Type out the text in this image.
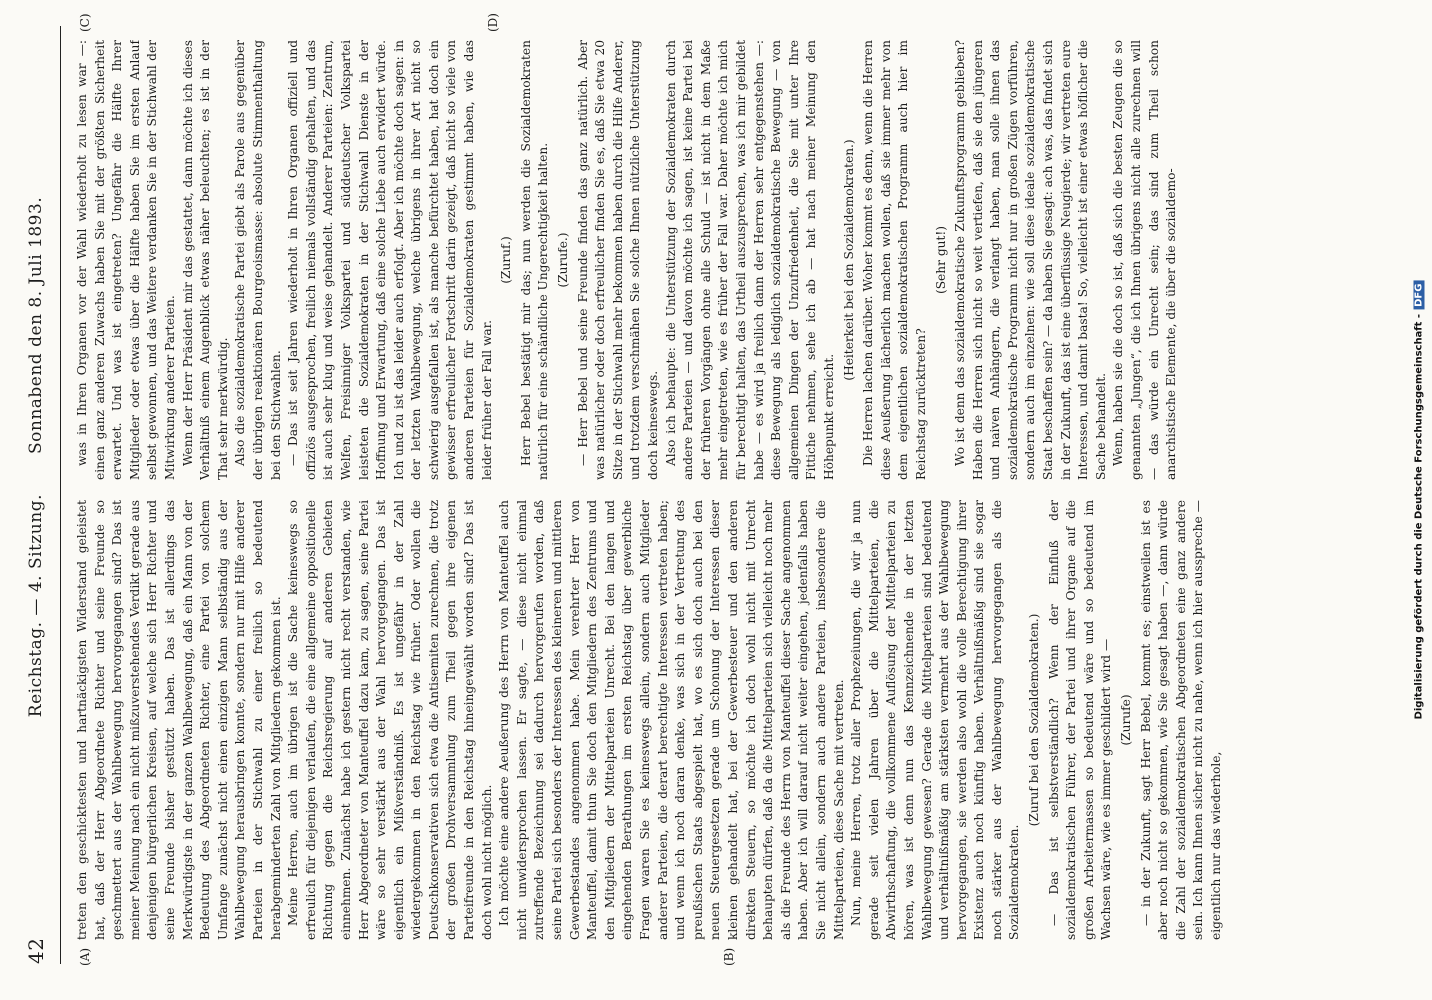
42
Reichstag. — 4. Sitzung.
Sonnabend den 8. Juli 1893.
(A)	(B)
(C)	(D)

treten den geschicktesten und hartnäckigsten Widerstand geleistet hat, daß der Herr Abgeordnete Richter und seine Freunde so geschmettert aus der Wahlbewegung hervorgegangen sind? Das ist meiner Meinung nach ein nicht mißzuverstehendes Verdikt gerade aus denjenigen bürgerlichen Kreisen, auf welche sich Herr Richter und seine Freunde bisher gestützt haben. Das ist allerdings das Merkwürdigste in der ganzen Wahlbewegung, daß ein Mann von der Bedeutung des Abgeordneten Richter, eine Partei von solchem Umfange zunächst nicht einen einzigen Mann selbständig aus der Wahlbewegung herausbringen konnte, sondern nur mit Hilfe anderer Parteien in der Stichwahl zu einer freilich so bedeutend herabgeminderten Zahl von Mitgliedern gekommen ist. Meine Herren, auch im übrigen ist die Sache keineswegs so erfreulich für diejenigen verlaufen, die eine allgemeine oppositionelle Richtung gegen die Reichsregierung auf anderen Gebieten einnehmen. Zunächst habe ich gestern nicht recht verstanden, wie Herr Abgeordneter von Manteuffel dazu kam, zu sagen, seine Partei wäre so sehr verstärkt aus der Wahl hervorgegangen. Das ist eigentlich ein Mißverständniß. Es ist ungefähr in der Zahl wiedergekommen in den Reichstag wie früher. Oder wollen die Deutschkonservativen sich etwa die Antisemiten zurechnen, die trotz der großen Drohversammlung zum Theil gegen ihre eigenen Parteifreunde in den Reichstag hineingewählt worden sind? Das ist doch wohl nicht möglich. Ich möchte eine andere Aeußerung des Herrn von Manteuffel auch nicht unwidersprochen lassen. Er sagte, — diese nicht einmal zutreffende Bezeichnung sei dadurch hervorgerufen worden, daß seine Partei sich besonders der Interessen des kleineren und mittleren Gewerbestandes angenommen habe. Mein verehrter Herr von Manteuffel, damit thun Sie doch den Mitgliedern des Zentrums und den Mitgliedern der Mittelparteien Unrecht. Bei den langen und eingehenden Berathungen im ersten Reichstag über gewerbliche Fragen waren Sie es keineswegs allein, sondern auch Mitglieder anderer Parteien, die derart berechtigte Interessen vertreten haben; und wenn ich noch daran denke, was sich in der Vertretung des preußischen Staats abgespielt hat, wo es sich doch auch bei den neuen Steuergesetzen gerade um Schonung der Interessen dieser kleinen gehandelt hat, bei der Gewerbesteuer und den anderen direkten Steuern, so möchte ich doch wohl nicht mit Unrecht behaupten dürfen, daß da die Mittelparteien sich vielleicht noch mehr als die Freunde des Herrn von Manteuffel dieser Sache angenommen haben. Aber ich will darauf nicht weiter eingehen, jedenfalls haben Sie nicht allein, sondern auch andere Parteien, insbesondere die Mittelparteien, diese Sache mit vertreten. Nun, meine Herren, trotz aller Prophezeiungen, die wir ja nun gerade seit vielen Jahren über die Mittelparteien, die Abwirthschaftung, die vollkommene Auflösung der Mittelparteien zu hören, was ist denn nun das Kennzeichnende in der letzten Wahlbewegung gewesen? Gerade die Mittelparteien sind bedeutend und verhältnißmäßig am stärksten vermehrt aus der Wahlbewegung hervorgegangen, sie werden also wohl die volle Berechtigung ihrer Existenz auch noch künftig haben. Verhältnißmäßig sind sie sogar noch stärker aus der Wahlbewegung hervorgegangen als die Sozialdemokraten.

(Zuruf bei den Sozialdemokraten.) — Das ist selbstverständlich? Wenn der Einfluß der sozialdemokratischen Führer, der Partei und ihrer Organe auf die großen Arbeitermassen so bedeutend wäre und so bedeutend im Wachsen wäre, wie es immer geschildert wird — (Zurufe) — in der Zukunft, sagt Herr Bebel, kommt es; einstweilen ist es aber noch nicht so gekommen, wie Sie gesagt haben —, dann würde die Zahl der sozialdemokratischen Abgeordneten eine ganz andere sein. Ich kann Ihnen sicher nicht zu nahe, wenn ich hier ausspreche — eigentlich nur das wiederhole,

was in Ihren Organen vor der Wahl wiederholt zu lesen war —: einen ganz anderen Zuwachs haben Sie mit der größten Sicherheit erwartet. Und was ist eingetreten? Ungefähr die Hälfte Ihrer Mitglieder oder etwas über die Hälfte haben Sie im ersten Anlauf selbst gewonnen, und das Weitere verdanken Sie in der Stichwahl der Mitwirkung anderer Parteien. Wenn der Herr Präsident mir das gestattet, dann möchte ich dieses Verhältniß einem Augenblick etwas näher beleuchten; es ist in der That sehr merkwürdig. Also die sozialdemokratische Partei giebt als Parole aus gegenüber der übrigen reaktionären Bourgeoismasse: absolute Stimmenthaltung bei den Stichwahlen. — Das ist seit Jahren wiederholt in Ihren Organen offiziell und offiziös ausgesprochen, freilich niemals vollständig gehalten, und das ist auch sehr klug und weise gehandelt. Anderer Parteien: Zentrum, Welfen, Freisinniger Volkspartei und süddeutscher Volkspartei leisteten die Sozialdemokraten in der Stichwahl Dienste in der Hoffnung und Erwartung, daß eine solche Liebe auch erwidert würde. Ich und zu ist das leider auch erfolgt. Aber ich möchte doch sagen: in der letzten Wahlbewegung, welche übrigens in ihrer Art nicht so schwierig ausgefallen ist, als manche befürchtet haben, hat doch ein gewisser erfreulicher Fortschritt darin gezeigt, daß nicht so viele von anderen Parteien für Sozialdemokraten gestimmt haben, wie das leider früher der Fall war.

(Zuruf.) Herr Bebel bestätigt mir das; nun werden die Sozialdemokraten natürlich für eine schändliche Ungerechtigkeit halten. (Zurufe.) — Herr Bebel und seine Freunde finden das ganz natürlich. Aber was natürlicher oder doch erfreulicher finden Sie es, daß Sie etwa 20 Sitze in der Stichwahl mehr bekommen haben durch die Hilfe Anderer, und trotzdem verschmähen Sie solche Ihnen nützliche Unterstützung doch keineswegs. Also ich behaupte: die Unterstützung der Sozialdemokraten durch andere Parteien — und davon möchte ich sagen, ist keine Partei bei der früheren Vorgängen ohne alle Schuld — ist nicht in dem Maße mehr eingetreten, wie es früher der Fall war. Daher möchte ich mich für berechtigt halten, das Urtheil auszusprechen, was ich mir gebildet habe — es wird ja freilich dann der Herren sehr entgegenstehen —: diese Bewegung als lediglich sozialdemokratische Bewegung — von allgemeinen Dingen der Unzufriedenheit, die Sie mit unter Ihre Fittiche nehmen, sehe ich ab — hat nach meiner Meinung den Höhepunkt erreicht.

(Heiterkeit bei den Sozialdemokraten.) Die Herren lachen darüber. Woher kommt es denn, wenn die Herren diese Aeußerung lächerlich machen wollen, daß sie immer mehr von dem eigentlichen sozialdemokratischen Programm auch hier im Reichstag zurücktreten?

(Sehr gut!) Wo ist denn das sozialdemokratische Zukunftsprogramm geblieben? Haben die Herren sich nicht so weit vertiefen, daß sie den jüngeren und naiven Anhängern, die verlangt haben, man solle ihnen das sozialdemokratische Programm nicht nur in großen Zügen vorführen, sondern auch im einzelnen: wie soll diese ideale sozialdemokratische Staat beschaffen sein? — da haben Sie gesagt: ach was, das findet sich in der Zukunft, das ist eine überflüssige Neugierde; wir vertreten eure Interessen, und damit basta! So, vielleicht ist einer etwas höflicher die Sache behandelt. Wenn, haben sie die doch so ist, daß sich die besten Zeugen die so genannten „Jungen“, die ich Ihnen übrigens nicht alle zurechnen will — das würde ein Unrecht sein; das sind zum Theil schon anarchistische Elemente, die über die sozialdemo-	Digitalisierung gefördert durch die Deutsche Forschungsgemeinschaft -DFG
